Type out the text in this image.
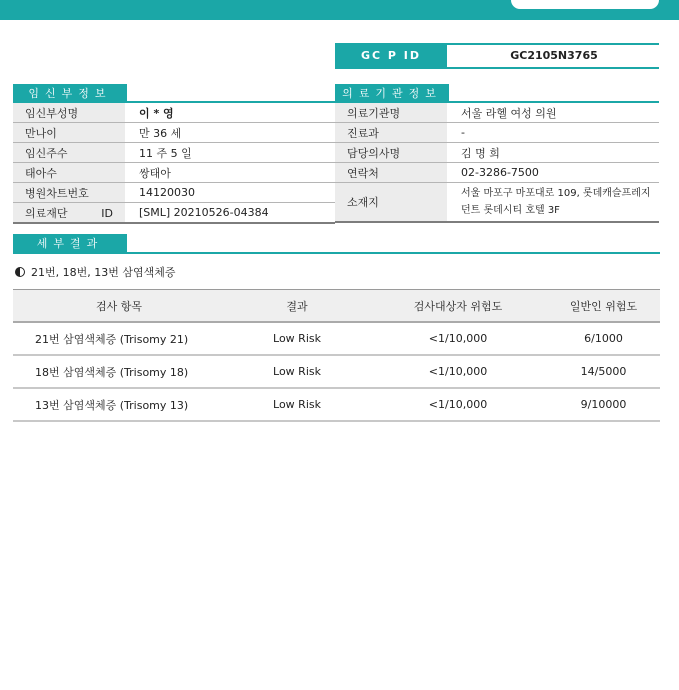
GC P ID	GC2105N3765
임신부정보
임신부성명	이 * 영
만나이	만 36 세
임신주수	11 주 5 일
태아수	쌍태아
병원차트번호	14120030
의료재단 ID	[SML] 20210526-04384
의료기관정보
의료기관명	서울 라헬 여성 의원
진료과	-
담당의사명	김 명 희
연락처	02-3286-7500
소재지	서울 마포구 마포대로 109, 롯데캐슬프레지던트 롯데시티 호텔 3F
세부결과
21번, 18번, 13번 삼염색체증
검사 항목	결과	검사대상자 위험도	일반인 위험도
21번 삼염색체증 (Trisomy 21)	Low Risk	<1/10,000	6/1000
18번 삼염색체증 (Trisomy 18)	Low Risk	<1/10,000	14/5000
13번 삼염색체증 (Trisomy 13)	Low Risk	<1/10,000	9/10000
